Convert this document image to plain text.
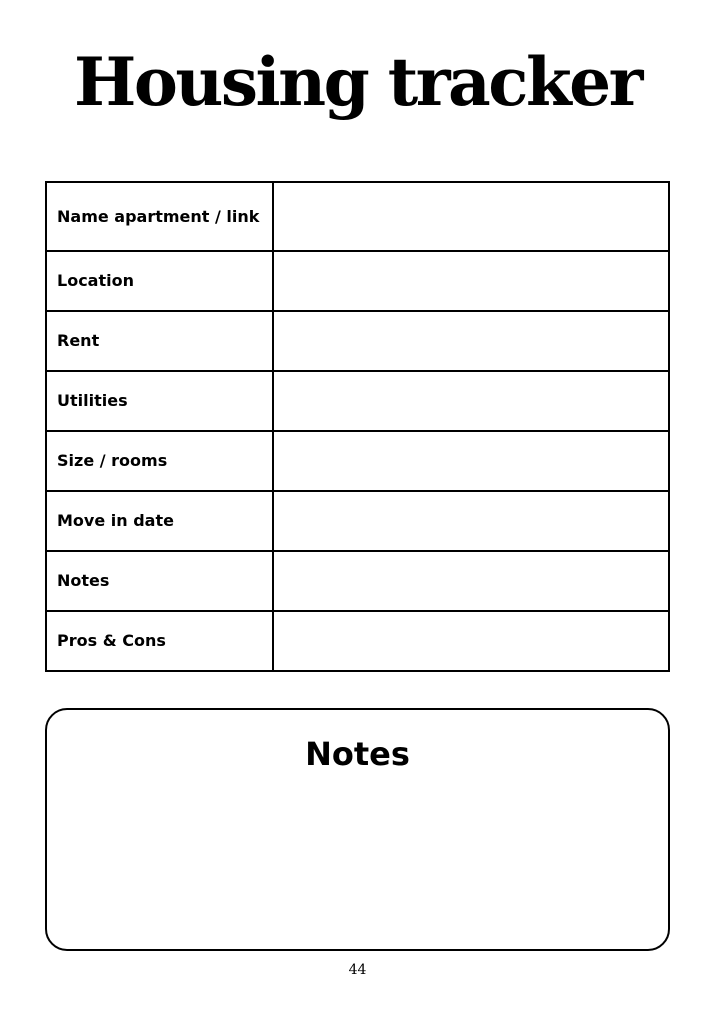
Housing tracker
Name apartment / link	
Location	
Rent	
Utilities	
Size / rooms	
Move in date	
Notes	
Pros & Cons	
Notes
44
